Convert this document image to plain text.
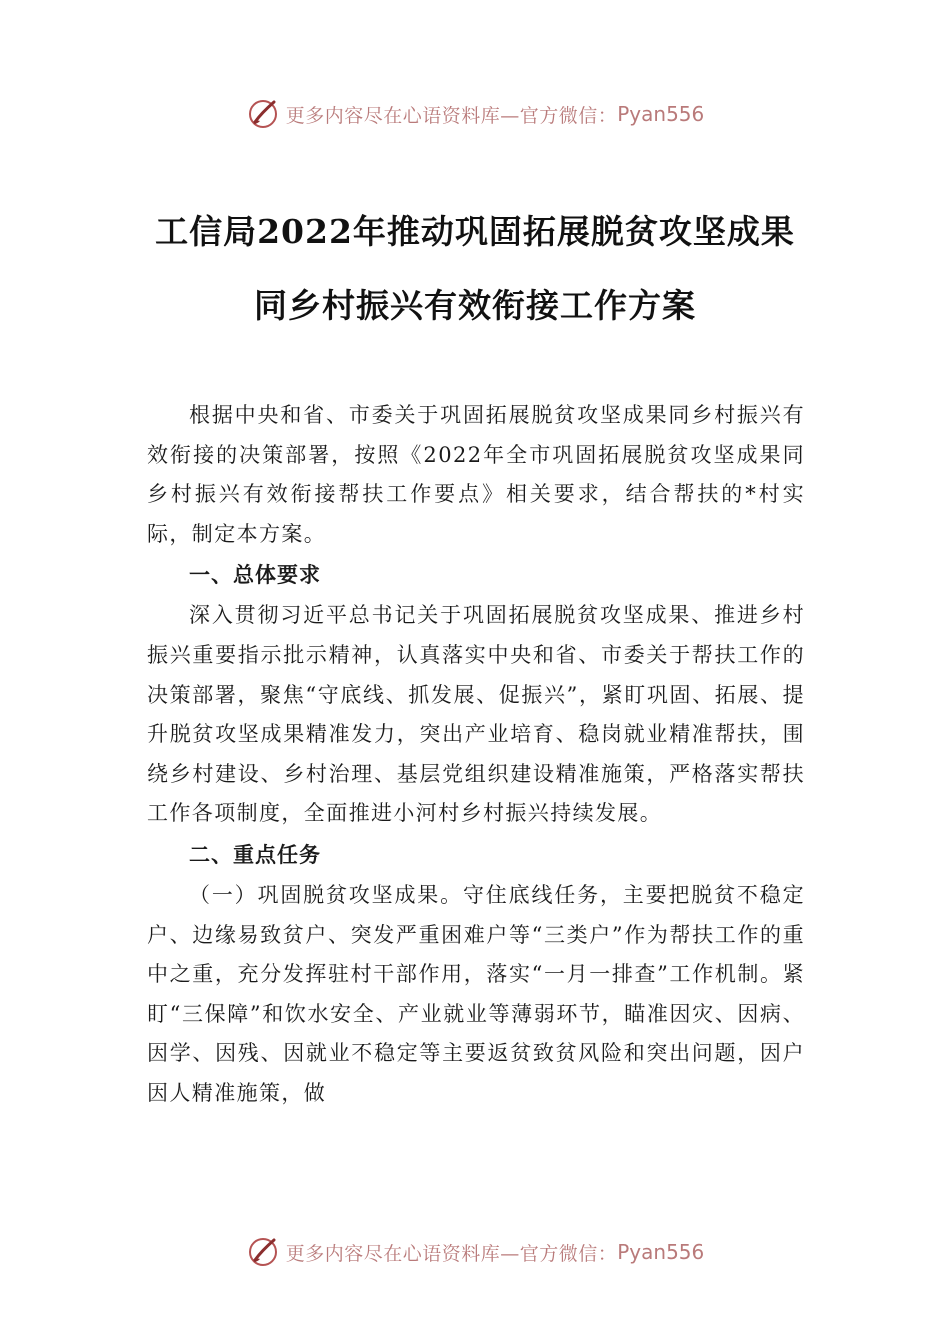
更多内容尽在心语资料库—官方微信： Pyan556
工信局2022年推动巩固拓展脱贫攻坚成果
同乡村振兴有效衔接工作方案

根据中央和省、市委关于巩固拓展脱贫攻坚成果同乡村振兴有效衔接的决策部署，按照《2022年全市巩固拓展脱贫攻坚成果同乡村振兴有效衔接帮扶工作要点》相关要求，结合帮扶的*村实际，制定本方案。

一、总体要求

深入贯彻习近平总书记关于巩固拓展脱贫攻坚成果、推进乡村振兴重要指示批示精神，认真落实中央和省、市委关于帮扶工作的决策部署，聚焦“守底线、抓发展、促振兴”，紧盯巩固、拓展、提升脱贫攻坚成果精准发力，突出产业培育、稳岗就业精准帮扶，围绕乡村建设、乡村治理、基层党组织建设精准施策，严格落实帮扶工作各项制度，全面推进小河村乡村振兴持续发展。

二、重点任务

（一）巩固脱贫攻坚成果。守住底线任务，主要把脱贫不稳定户、边缘易致贫户、突发严重困难户等“三类户”作为帮扶工作的重中之重，充分发挥驻村干部作用，落实“一月一排查”工作机制。紧盯“三保障”和饮水安全、产业就业等薄弱环节，瞄准因灾、因病、因学、因残、因就业不稳定等主要返贫致贫风险和突出问题，因户因人精准施策，做

更多内容尽在心语资料库—官方微信： Pyan556
